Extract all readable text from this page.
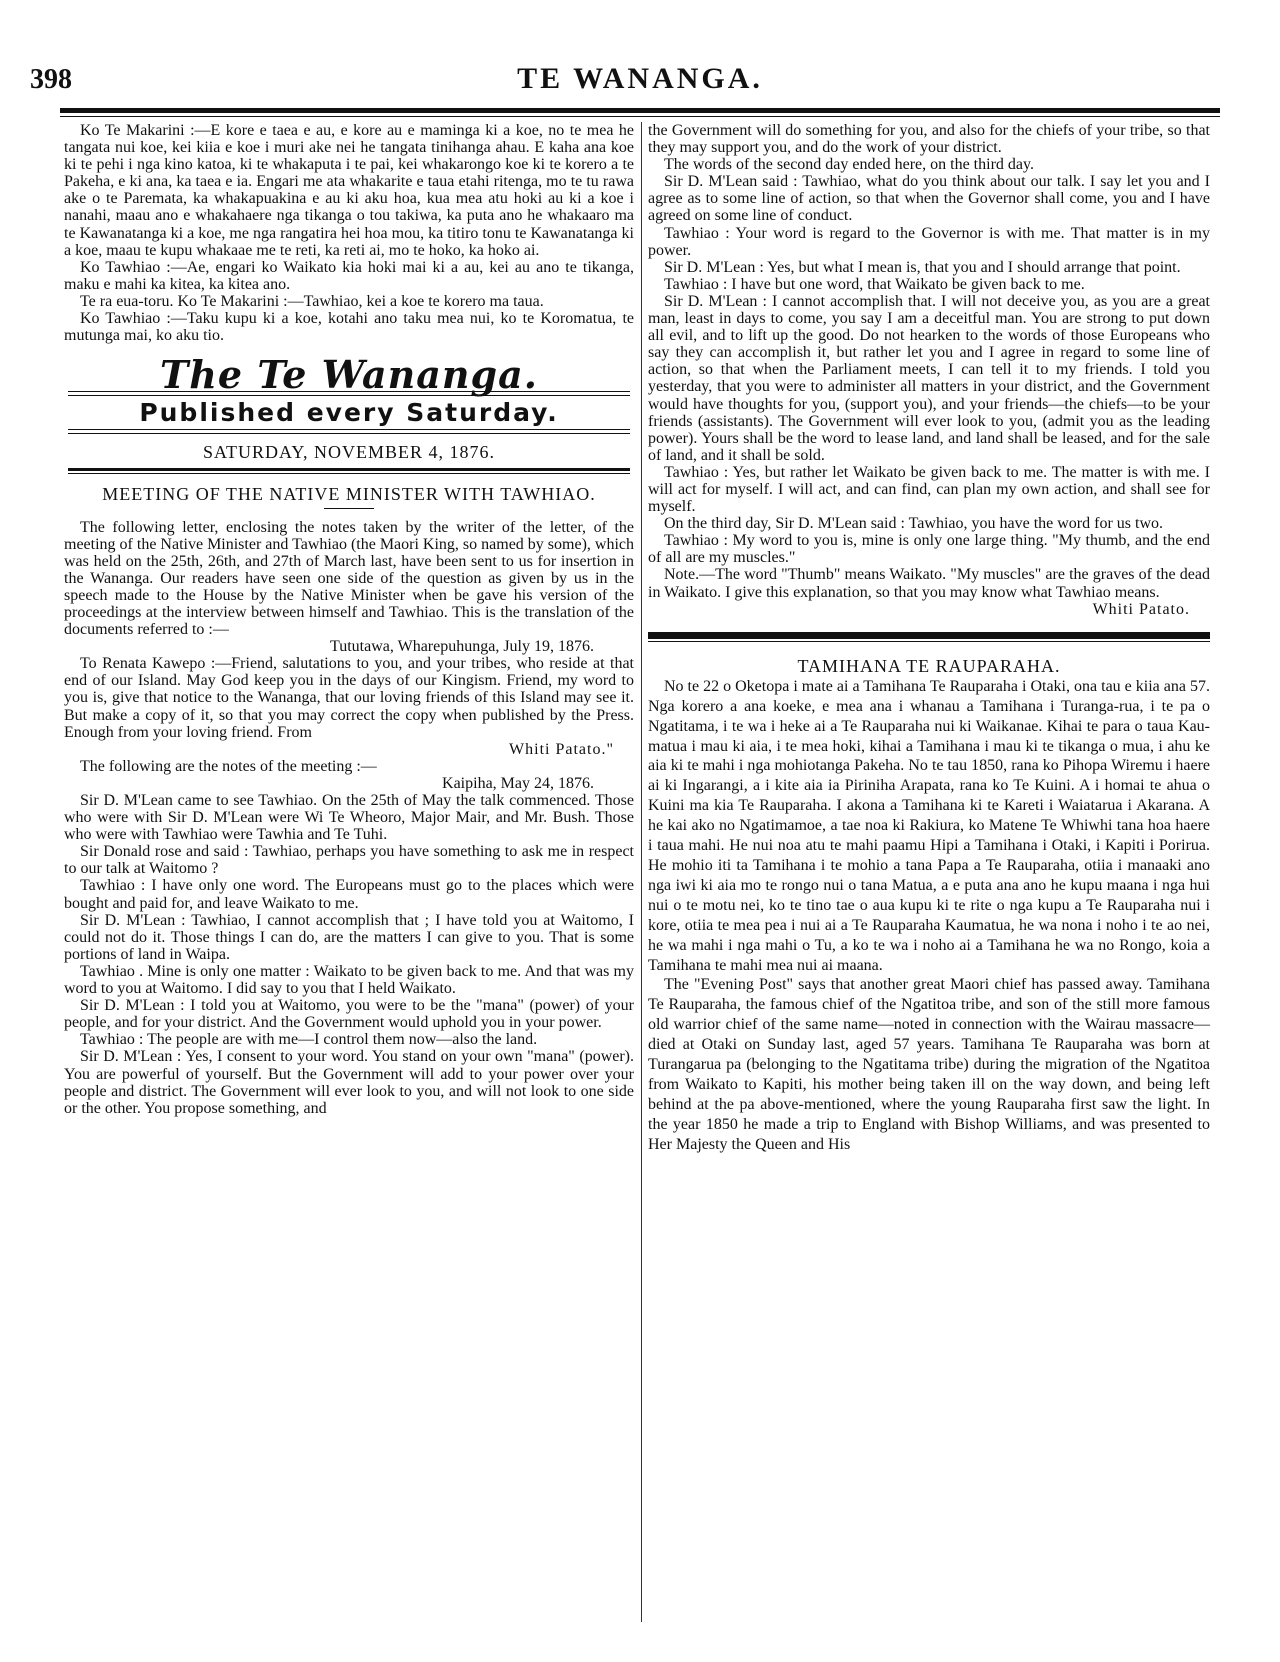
398	TE WANANGA.

Ko Te Makarini :—E kore e taea e au, e kore au e maminga ki a koe, no te mea he tangata nui koe, kei kiia e koe i muri ake nei he tangata tinihanga ahau. E kaha ana koe ki te pehi i nga kino katoa, ki te whakaputa i te pai, kei whakarongo koe ki te korero a te Pakeha, e ki ana, ka taea e ia. Engari me ata whakarite e taua etahi ritenga, mo te tu rawa ake o te Paremata, ka whakapuakina e au ki aku hoa, kua mea atu hoki au ki a koe i nanahi, maau ano e whakahaere nga tikanga o tou takiwa, ka puta ano he whakaaro ma te Kawanatanga ki a koe, me nga rangatira hei hoa mou, ka titiro tonu te Kawanatanga ki a koe, maau te kupu whakaae me te reti, ka reti ai, mo te hoko, ka hoko ai.

Ko Tawhiao :—Ae, engari ko Waikato kia hoki mai ki a au, kei au ano te tikanga, maku e mahi ka kitea, ka kitea ano.

Te ra eua-toru. Ko Te Makarini :—Tawhiao, kei a koe te korero ma taua.

Ko Tawhiao :—Taku kupu ki a koe, kotahi ano taku mea nui, ko te Koromatua, te mutunga mai, ko aku tio.

The Te Wananga.
Published every Saturday.
SATURDAY, NOVEMBER 4, 1876.
MEETING OF THE NATIVE MINISTER WITH TAWHIAO.

The following letter, enclosing the notes taken by the writer of the letter, of the meeting of the Native Minister and Tawhiao (the Maori King, so named by some), which was held on the 25th, 26th, and 27th of March last, have been sent to us for insertion in the Wananga. Our readers have seen one side of the question as given by us in the speech made to the House by the Native Minister when be gave his version of the proceedings at the interview between himself and Tawhiao. This is the translation of the documents referred to :—

Tututawa, Wharepuhunga, July 19, 1876.

To Renata Kawepo :—Friend, salutations to you, and your tribes, who reside at that end of our Island. May God keep you in the days of our Kingism. Friend, my word to you is, give that notice to the Wananga, that our loving friends of this Island may see it. But make a copy of it, so that you may correct the copy when published by the Press. Enough from your loving friend. From

Whiti Patato."

The following are the notes of the meeting :—

Kaipiha, May 24, 1876.

Sir D. M'Lean came to see Tawhiao. On the 25th of May the talk commenced. Those who were with Sir D. M'Lean were Wi Te Wheoro, Major Mair, and Mr. Bush. Those who were with Tawhiao were Tawhia and Te Tuhi.

Sir Donald rose and said : Tawhiao, perhaps you have something to ask me in respect to our talk at Waitomo ?

Tawhiao : I have only one word. The Europeans must go to the places which were bought and paid for, and leave Waikato to me.

Sir D. M'Lean : Tawhiao, I cannot accomplish that ; I have told you at Waitomo, I could not do it. Those things I can do, are the matters I can give to you. That is some portions of land in Waipa.

Tawhiao . Mine is only one matter : Waikato to be given back to me. And that was my word to you at Waitomo. I did say to you that I held Waikato.

Sir D. M'Lean : I told you at Waitomo, you were to be the "mana" (power) of your people, and for your district. And the Government would uphold you in your power.

Tawhiao : The people are with me—I control them now—also the land.

Sir D. M'Lean : Yes, I consent to your word. You stand on your own "mana" (power). You are powerful of yourself. But the Government will add to your power over your people and district. The Government will ever look to you, and will not look to one side or the other. You propose something, and

the Government will do something for you, and also for the chiefs of your tribe, so that they may support you, and do the work of your district.

The words of the second day ended here, on the third day.

Sir D. M'Lean said : Tawhiao, what do you think about our talk. I say let you and I agree as to some line of action, so that when the Governor shall come, you and I have agreed on some line of conduct.

Tawhiao : Your word is regard to the Governor is with me. That matter is in my power.

Sir D. M'Lean : Yes, but what I mean is, that you and I should arrange that point.

Tawhiao : I have but one word, that Waikato be given back to me.

Sir D. M'Lean : I cannot accomplish that. I will not deceive you, as you are a great man, least in days to come, you say I am a deceitful man. You are strong to put down all evil, and to lift up the good. Do not hearken to the words of those Europeans who say they can accomplish it, but rather let you and I agree in regard to some line of action, so that when the Parliament meets, I can tell it to my friends. I told you yesterday, that you were to administer all matters in your district, and the Government would have thoughts for you, (support you), and your friends—the chiefs—to be your friends (assistants). The Government will ever look to you, (admit you as the leading power). Yours shall be the word to lease land, and land shall be leased, and for the sale of land, and it shall be sold.

Tawhiao : Yes, but rather let Waikato be given back to me. The matter is with me. I will act for myself. I will act, and can find, can plan my own action, and shall see for myself.

On the third day, Sir D. M'Lean said : Tawhiao, you have the word for us two.

Tawhiao : My word to you is, mine is only one large thing. "My thumb, and the end of all are my muscles."

Note.—The word "Thumb" means Waikato. "My muscles" are the graves of the dead in Waikato. I give this explanation, so that you may know what Tawhiao means.

Whiti Patato.

TAMIHANA TE RAUPARAHA.

No te 22 o Oketopa i mate ai a Tamihana Te Rauparaha i Otaki, ona tau e kiia ana 57. Nga korero a ana koeke, e mea ana i whanau a Tamihana i Turanga-rua, i te pa o Ngatitama, i te wa i heke ai a Te Rauparaha nui ki Waikanae. Kihai te para o taua Kau-matua i mau ki aia, i te mea hoki, kihai a Tamihana i mau ki te tikanga o mua, i ahu ke aia ki te mahi i nga mohiotanga Pakeha. No te tau 1850, rana ko Pihopa Wiremu i haere ai ki Ingarangi, a i kite aia ia Piriniha Arapata, rana ko Te Kuini. A i homai te ahua o Kuini ma kia Te Rauparaha. I akona a Tamihana ki te Kareti i Waiatarua i Akarana. A he kai ako no Ngatimamoe, a tae noa ki Rakiura, ko Matene Te Whiwhi tana hoa haere i taua mahi. He nui noa atu te mahi paamu Hipi a Tamihana i Otaki, i Kapiti i Porirua. He mohio iti ta Tamihana i te mohio a tana Papa a Te Rauparaha, otiia i manaaki ano nga iwi ki aia mo te rongo nui o tana Matua, a e puta ana ano he kupu maana i nga hui nui o te motu nei, ko te tino tae o aua kupu ki te rite o nga kupu a Te Rauparaha nui i kore, otiia te mea pea i nui ai a Te Rauparaha Kaumatua, he wa nona i noho i te ao nei, he wa mahi i nga mahi o Tu, a ko te wa i noho ai a Tamihana he wa no Rongo, koia a Tamihana te mahi mea nui ai maana.

The "Evening Post" says that another great Maori chief has passed away. Tamihana Te Rauparaha, the famous chief of the Ngatitoa tribe, and son of the still more famous old warrior chief of the same name—noted in connection with the Wairau massacre—died at Otaki on Sunday last, aged 57 years. Tamihana Te Rauparaha was born at Turangarua pa (belonging to the Ngatitama tribe) during the migration of the Ngatitoa from Waikato to Kapiti, his mother being taken ill on the way down, and being left behind at the pa above-mentioned, where the young Rauparaha first saw the light. In the year 1850 he made a trip to England with Bishop Williams, and was presented to Her Majesty the Queen and His
